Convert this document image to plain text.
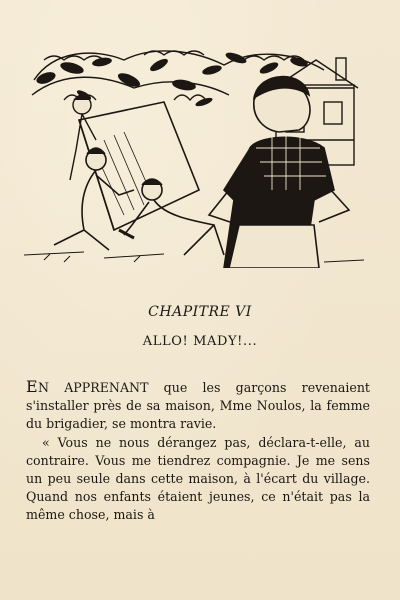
CHAPITRE VI
ALLO! MADY!...

EN APPRENANT que les garçons revenaient s'installer près de sa maison, Mme Noulos, la femme du brigadier, se montra ravie.

« Vous ne nous dérangez pas, déclara-t-elle, au contraire. Vous me tiendrez compagnie. Je me sens un peu seule dans cette maison, à l'écart du village. Quand nos enfants étaient jeunes, ce n'était pas la même chose, mais à
